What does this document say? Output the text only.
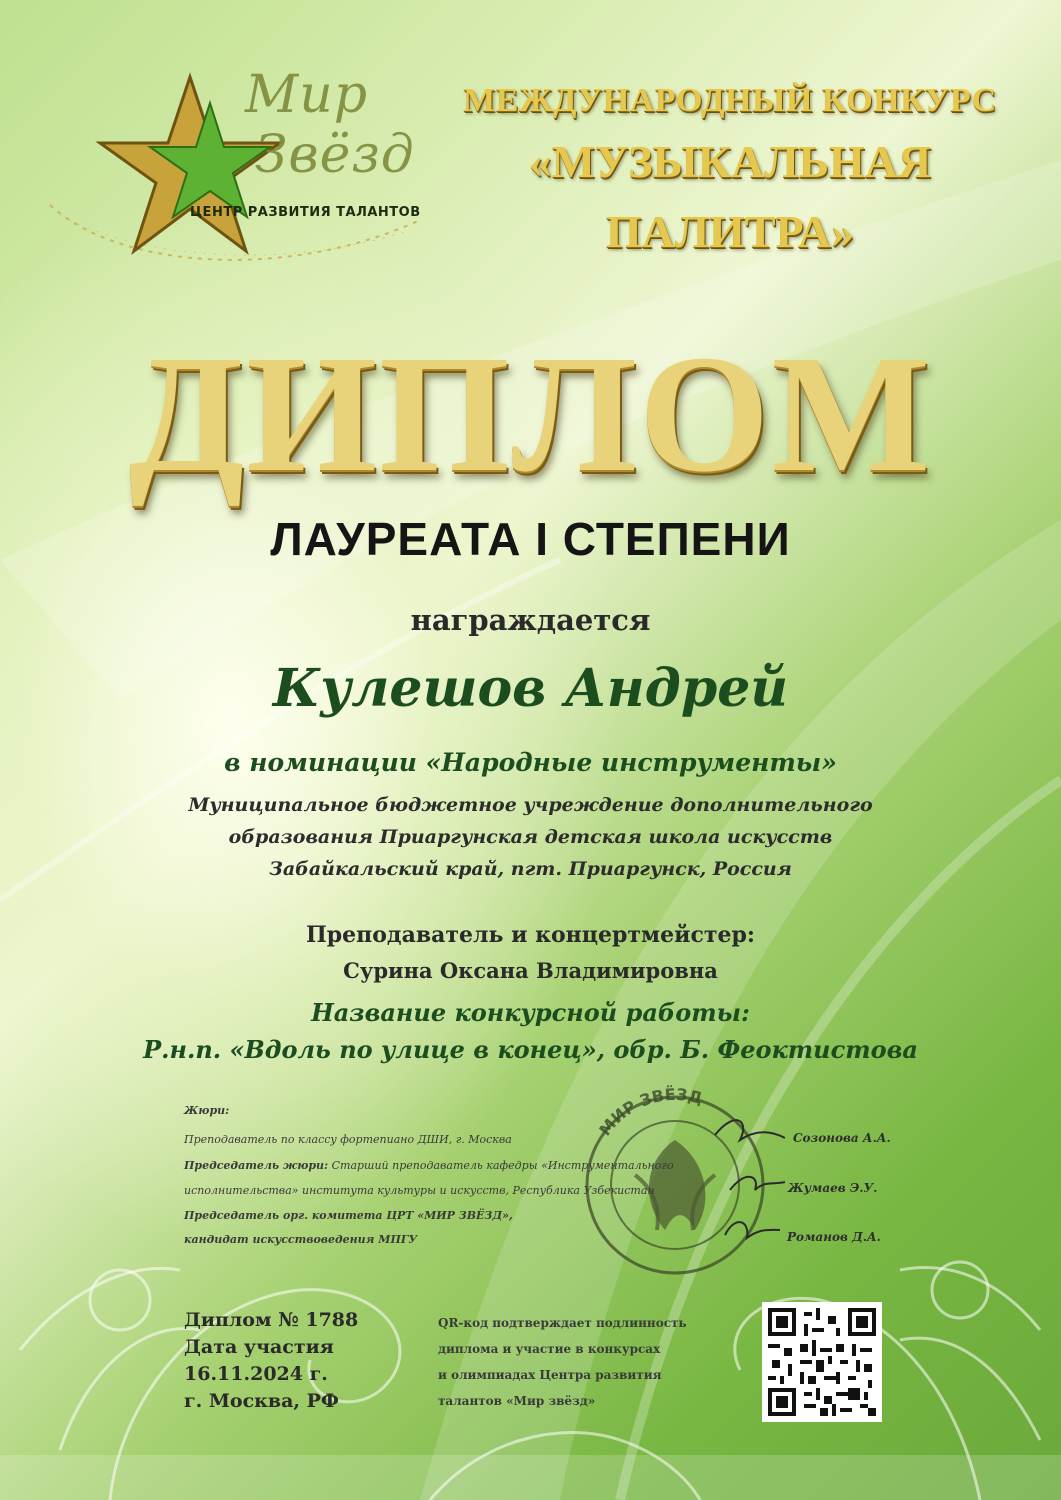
Мир
Звёзд
ЦЕНТР РАЗВИТИЯ ТАЛАНТОВ
МЕЖДУНАРОДНЫЙ КОНКУРС
«МУЗЫКАЛЬНАЯ
ПАЛИТРА»
ДИПЛОМ
ЛАУРЕАТА I СТЕПЕНИ
награждается
Кулешов Андрей
в номинации «Народные инструменты»
Муниципальное бюджетное учреждение дополнительного
образования Приаргунская детская школа искусств
Забайкальский край, пгт. Приаргунск, Россия
Преподаватель и концертмейстер:
Сурина Оксана Владимировна
Название конкурсной работы:
Р.н.п. «Вдоль по улице в конец», обр. Б. Феоктистова
МИР ЗВЁЗД
Жюри:
Преподаватель по классу фортепиано ДШИ, г. Москва
Председатель жюри: Старший преподаватель кафедры «Инструментального
исполнительства» института культуры и искусств, Республика Узбекистан
Председатель орг. комитета ЦРТ «МИР ЗВЁЗД»,
кандидат искусствоведения МПГУ
Созонова А.А.
Жумаев Э.У.
Романов Д.А.
Диплом № 1788
Дата участия
16.11.2024 г.
г. Москва, РФ
QR-код подтверждает подлинность
диплома и участие в конкурсах
и олимпиадах Центра развития
талантов «Мир звёзд»
